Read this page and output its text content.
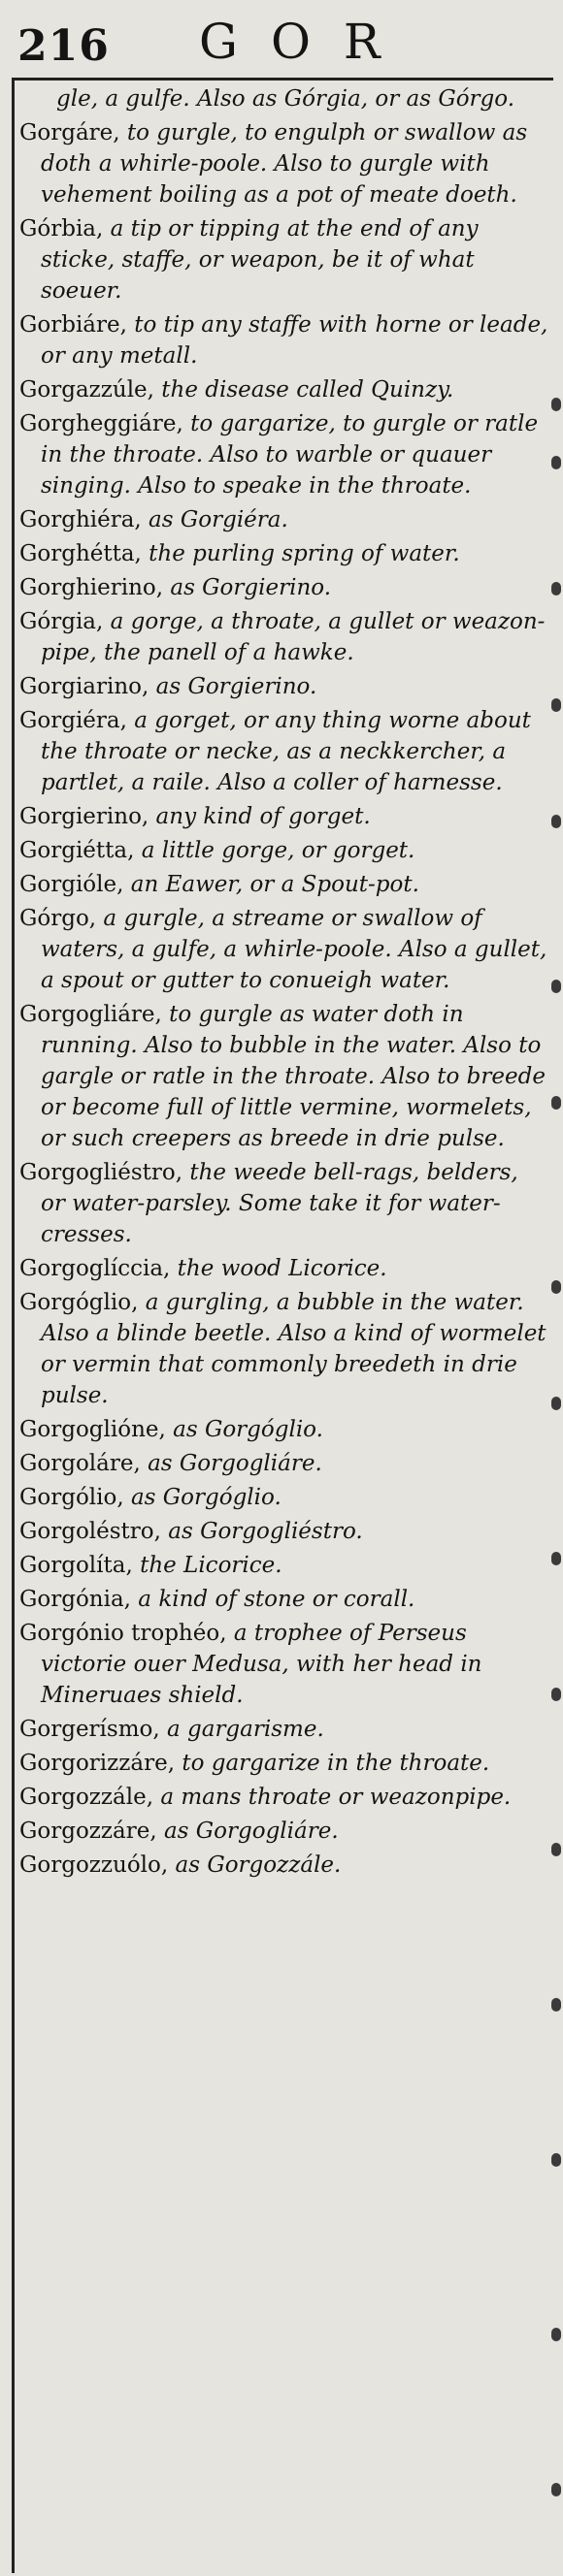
216 GOR

gle, a gulfe. Also as Górgia, or as Górgo.

Gorgáre, to gurgle, to engulph or swallow as doth a whirle-poole. Also to gurgle with vehement boiling as a pot of meate doeth.

Górbia, a tip or tipping at the end of any sticke, staffe, or weapon, be it of what soeuer.

Gorbiáre, to tip any staffe with horne or leade, or any metall.

Gorgazzúle, the disease called Quinzy.

Gorgheggiáre, to gargarize, to gurgle or ratle in the throate. Also to warble or quauer singing. Also to speake in the throate.

Gorghiéra, as Gorgiéra.

Gorghétta, the purling spring of water.

Gorghierino, as Gorgierino.

Górgia, a gorge, a throate, a gullet or weazon-pipe, the panell of a hawke.

Gorgiarino, as Gorgierino.

Gorgiéra, a gorget, or any thing worne about the throate or necke, as a neckkercher, a partlet, a raile. Also a coller of harnesse.

Gorgierino, any kind of gorget.

Gorgiétta, a little gorge, or gorget.

Gorgióle, an Eawer, or a Spout-pot.

Górgo, a gurgle, a streame or swallow of waters, a gulfe, a whirle-poole. Also a gullet, a spout or gutter to conueigh water.

Gorgogliáre, to gurgle as water doth in running. Also to bubble in the water. Also to gargle or ratle in the throate. Also to breede or become full of little vermine, wormelets, or such creepers as breede in drie pulse.

Gorgogliéstro, the weede bell-rags, belders, or water-parsley. Some take it for water-cresses.

Gorgoglíccia, the wood Licorice.

Gorgóglio, a gurgling, a bubble in the water. Also a blinde beetle. Also a kind of wormelet or vermin that commonly breedeth in drie pulse.

Gorgoglióne, as Gorgóglio.

Gorgoláre, as Gorgogliáre.

Gorgólio, as Gorgóglio.

Gorgoléstro, as Gorgogliéstro.

Gorgolíta, the Licorice.

Gorgónia, a kind of stone or corall.

Gorgónio trophéo, a trophee of Perseus victorie ouer Medusa, with her head in Mineruaes shield.

Gorgerísmo, a gargarisme.

Gorgorizzáre, to gargarize in the throate.

Gorgozzále, a mans throate or weazonpipe.

Gorgozzáre, as Gorgogliáre.

Gorgozzuólo, as Gorgozzále.
